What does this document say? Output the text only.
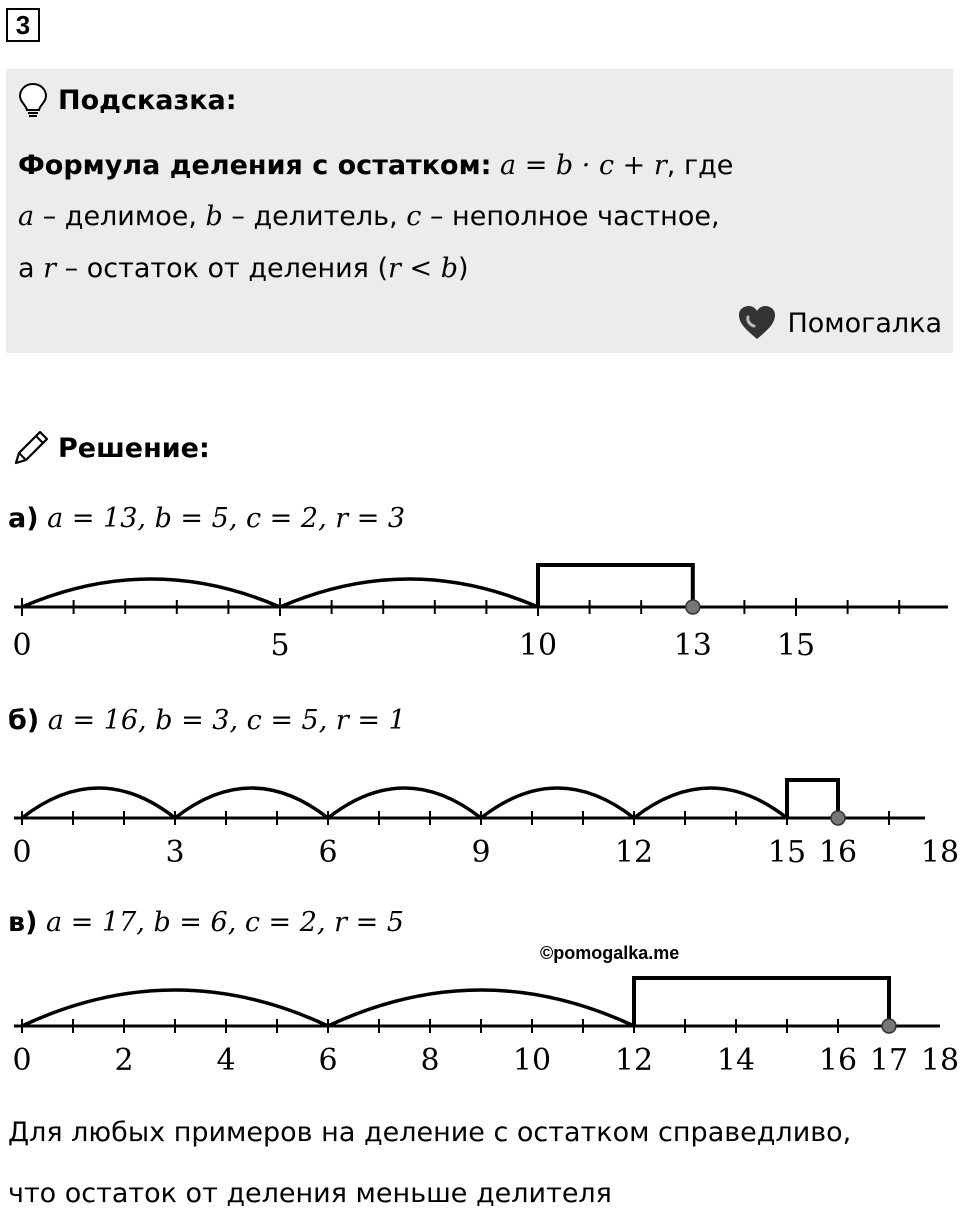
3
Подсказка:
Формула деления с остатком: a = b · c + r, где
a – делимое, b – делитель, c – неполное частное,
а r – остаток от деления (r < b)
Помогалка
Решение:
а) a = 13, b = 5, c = 2, r = 3
0	5	10	13 15
б) a = 16, b = 3, c = 5, r = 1
0	3	6	9	12	15 16 18
в) a = 17, b = 6, c = 2, r = 5
©pomogalka.me
0	2	4	6	8 10 12 14 16 17 18
Для любых примеров на деление с остатком справедливо,
что остаток от деления меньше делителя
